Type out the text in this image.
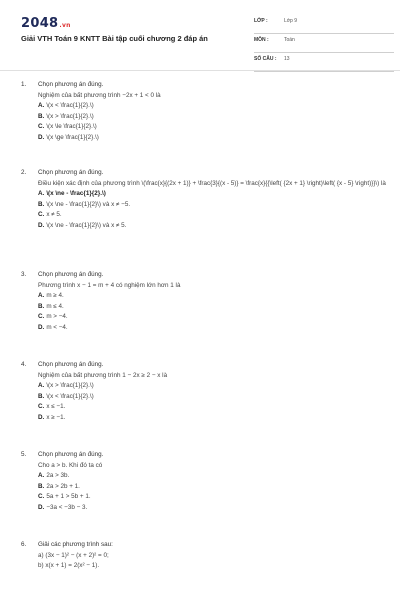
2048.vn
Giải VTH Toán 9 KNTT Bài tập cuối chương 2 đáp án
LỚP :	Lớp 9
MÔN :	Toán
SỐ CÂU : 13
1. Chọn phương án đúng.
Nghiệm của bất phương trình −2x + 1 < 0 là
A. \(x < \frac{1}{2}.\)
B. \(x > \frac{1}{2}.\)
C. \(x \le \frac{1}{2}.\)
D. \(x \ge \frac{1}{2}.\)
2. Chọn phương án đúng.
Điều kiện xác định của phương trình \(\frac{x}{(2x + 1)} + \frac{3}{(x - 5)} = \frac{x}{{\left( {2x + 1} \right)\left( {x - 5} \right)}}\) là
A. \(x \ne - \frac{1}{2}.\)
B. \(x \ne - \frac{1}{2}\) và x ≠ −5.
C. x ≠ 5.
D. \(x \ne - \frac{1}{2}\) và x ≠ 5.
3. Chọn phương án đúng.
Phương trình x − 1 = m + 4 có nghiệm lớn hơn 1 là
A. m ≥ 4.
B. m ≤ 4.
C. m > −4.
D. m < −4.
4. Chọn phương án đúng.
Nghiệm của bất phương trình 1 − 2x ≥ 2 − x là
A. \(x > \frac{1}{2}.\)
B. \(x < \frac{1}{2}.\)
C. x ≤ −1.
D. x ≥ −1.
5. Chọn phương án đúng.
Cho a > b. Khi đó ta có
A. 2a > 3b.
B. 2a > 2b + 1.
C. 5a + 1 > 5b + 1.
D. −3a < −3b − 3.
6. Giải các phương trình sau:
a) (3x − 1)² − (x + 2)² = 0;
b) x(x + 1) = 2(x² − 1).
